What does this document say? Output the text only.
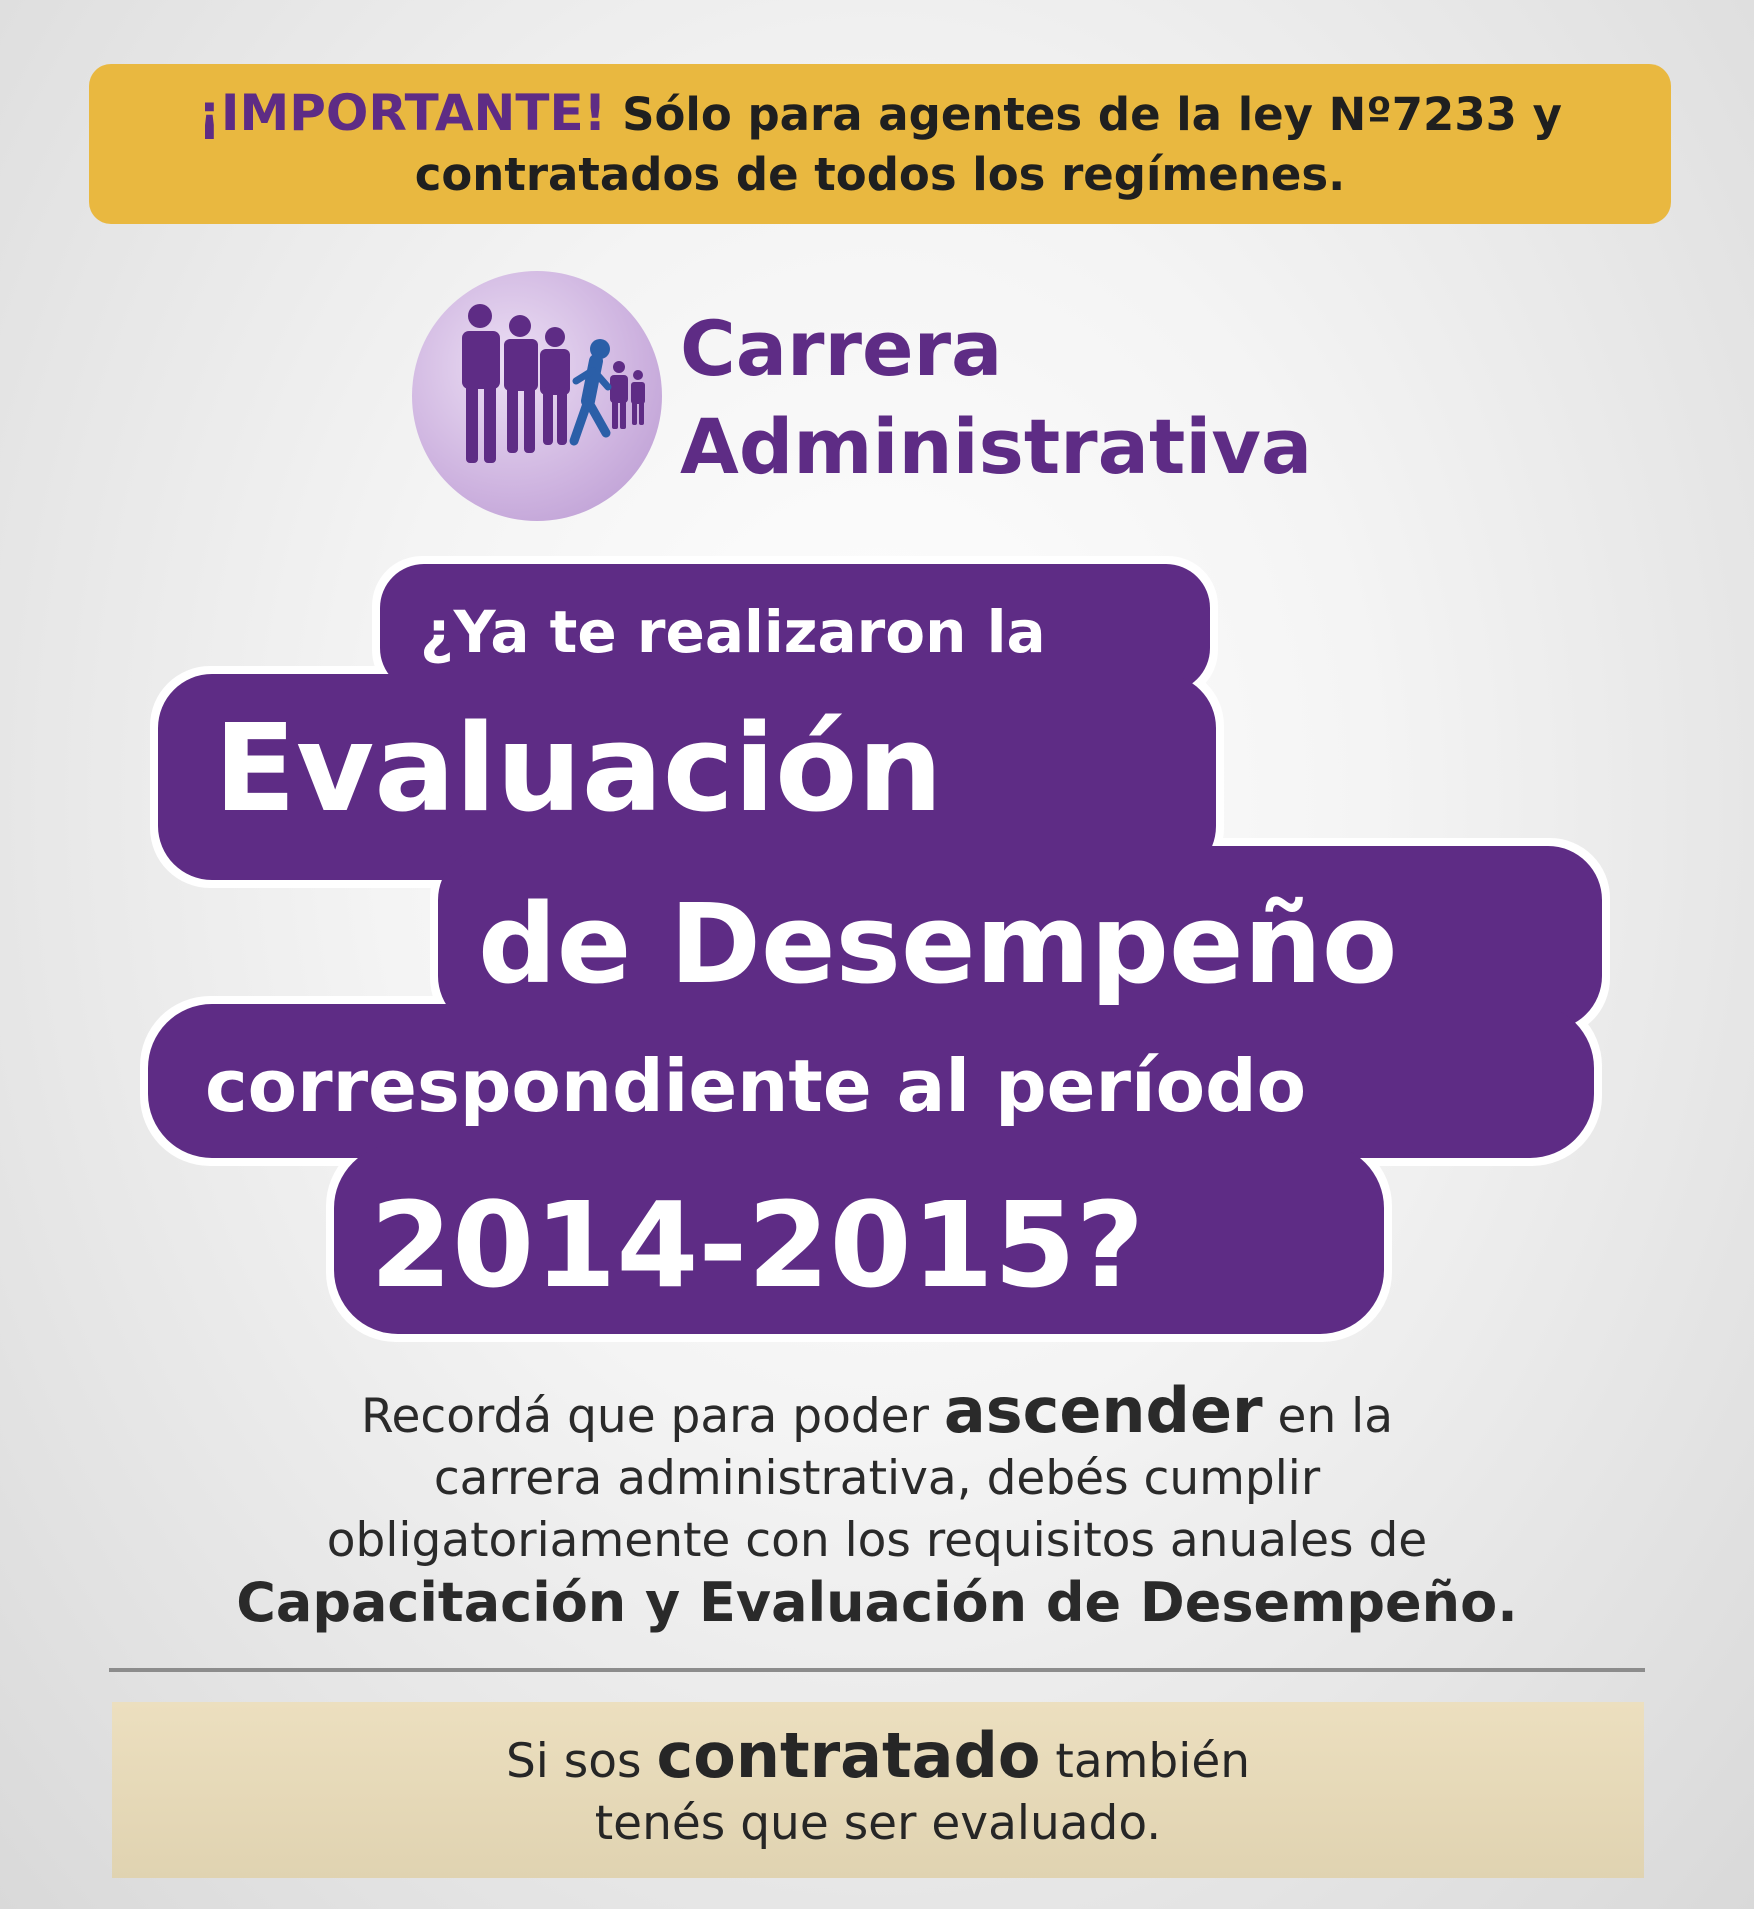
¡IMPORTANTE! Sólo para agentes de la ley Nº7233 y
contratados de todos los regímenes.
Carrera
Administrativa
¿Ya te realizaron la
Evaluación
de Desempeño
correspondiente al período
2014-2015?
Recordá que para poder ascender en la
carrera administrativa, debés cumplir
obligatoriamente con los requisitos anuales de
Capacitación y Evaluación de Desempeño.
Si sos contratado también
tenés que ser evaluado.
